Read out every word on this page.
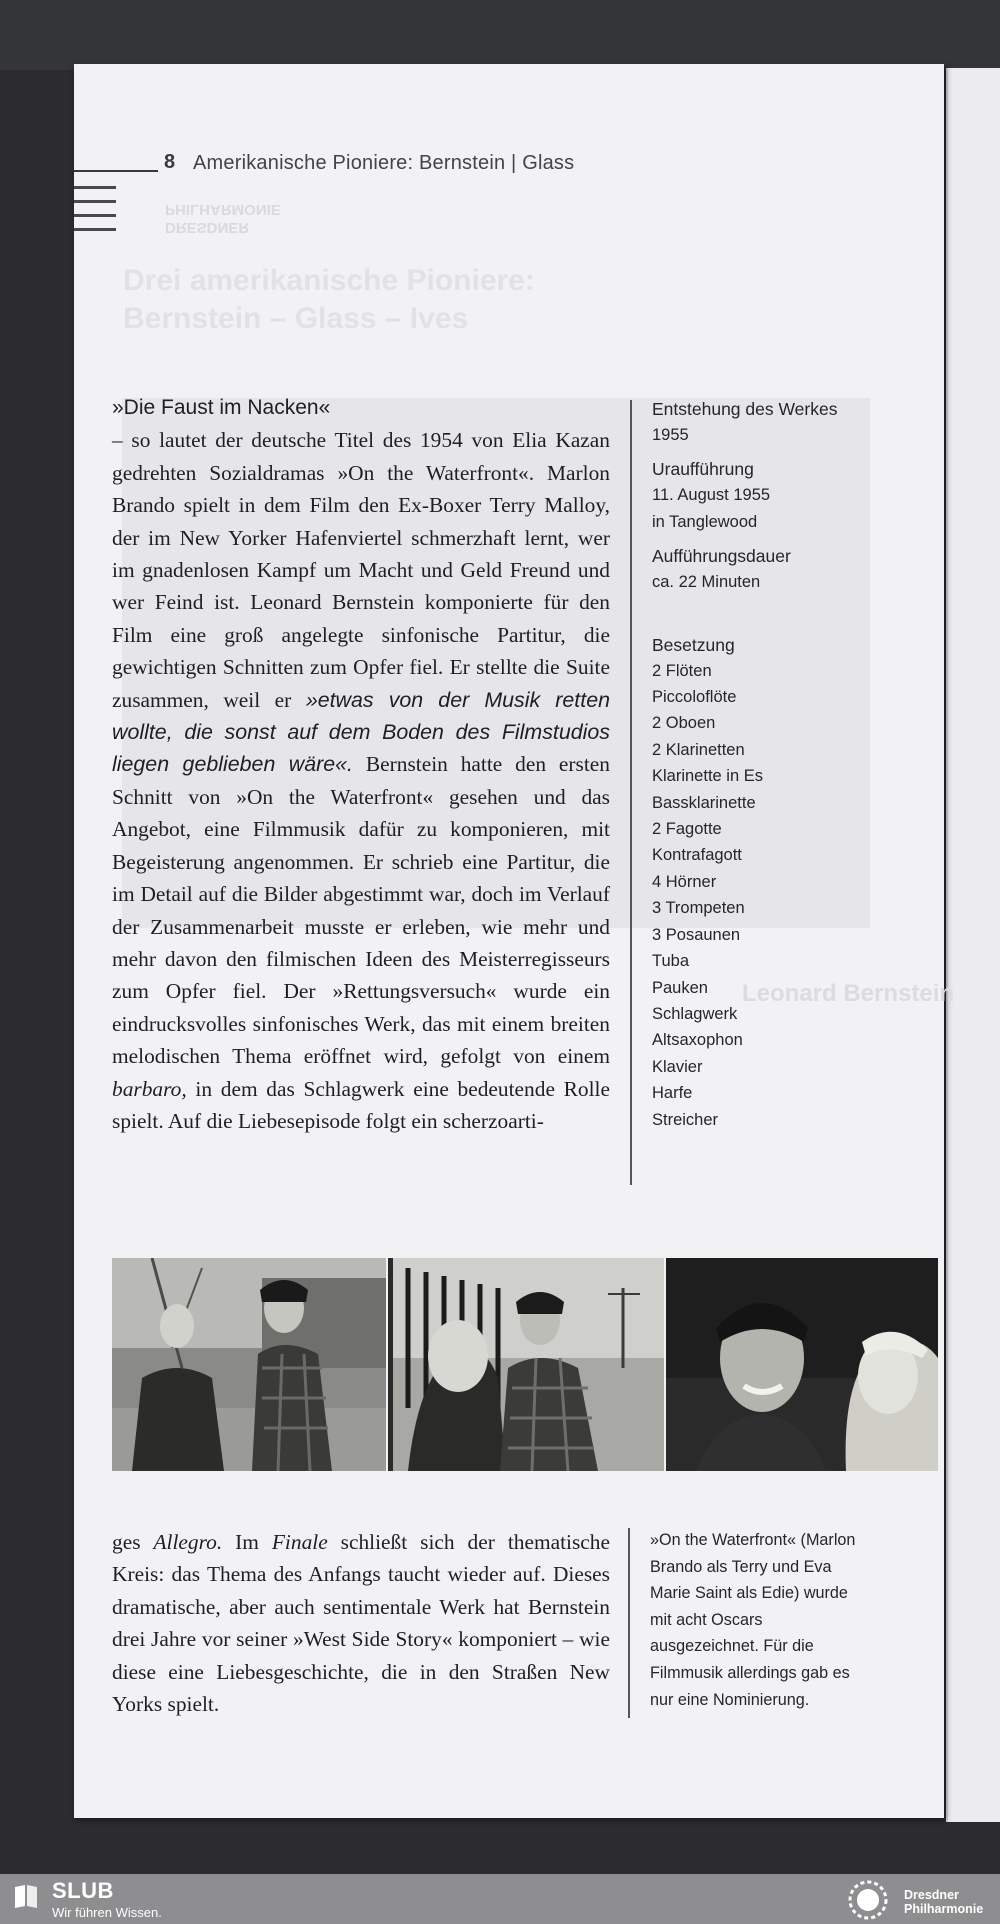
DRESDNER
PHILHARMONIE
Drei amerikanische Pioniere:
Bernstein – Glass – Ives
Leonard Bernstein
8 Amerikanische Pioniere: Bernstein | Glass

»Die Faust im Nacken«
– so lautet der deutsche Titel des 1954 von Elia Kazan gedrehten Sozialdramas »On the Waterfront«. Marlon Brando spielt in dem Film den Ex-Boxer Terry Malloy, der im New Yorker Hafenviertel schmerzhaft lernt, wer im gnadenlosen Kampf um Macht und Geld Freund und wer Feind ist. Leonard Bernstein komponierte für den Film eine groß angelegte sinfonische Partitur, die gewichtigen Schnitten zum Opfer fiel. Er stellte die Suite zusammen, weil er »etwas von der Musik retten wollte, die sonst auf dem Boden des Filmstudios liegen geblieben wäre«. Bernstein hatte den ersten Schnitt von »On the Waterfront« gesehen und das Angebot, eine Filmmusik dafür zu komponieren, mit Begeisterung angenommen. Er schrieb eine Partitur, die im Detail auf die Bilder abgestimmt war, doch im Verlauf der Zusammenarbeit musste er erleben, wie mehr und mehr davon den filmischen Ideen des Meisterregisseurs zum Opfer fiel. Der »Rettungsversuch« wurde ein eindrucksvolles sinfonisches Werk, das mit einem breiten melodischen Thema eröffnet wird, gefolgt von einem barbaro, in dem das Schlagwerk eine bedeutende Rolle spielt. Auf die Liebesepisode folgt ein scherzoarti-

Entstehung des Werkes
1955
Uraufführung
11. August 1955
in Tanglewood
Aufführungsdauer
ca. 22 Minuten
Besetzung
2 Flöten
Piccoloflöte
2 Oboen
2 Klarinetten
Klarinette in Es
Bassklarinette
2 Fagotte
Kontrafagott
4 Hörner
3 Trompeten
3 Posaunen
Tuba
Pauken
Schlagwerk
Altsaxophon
Klavier
Harfe
Streicher

ges Allegro. Im Finale schließt sich der thematische Kreis: das Thema des Anfangs taucht wieder auf. Dieses dramatische, aber auch sentimentale Werk hat Bernstein drei Jahre vor seiner »West Side Story« komponiert – wie diese eine Liebesgeschichte, die in den Straßen New Yorks spielt.

»On the Waterfront« (Marlon Brando als Terry und Eva Marie Saint als Edie) wurde mit acht Oscars ausgezeichnet. Für die Filmmusik allerdings gab es nur eine Nominierung.
SLUB
Wir führen Wissen.
Dresdner
Philharmonie
